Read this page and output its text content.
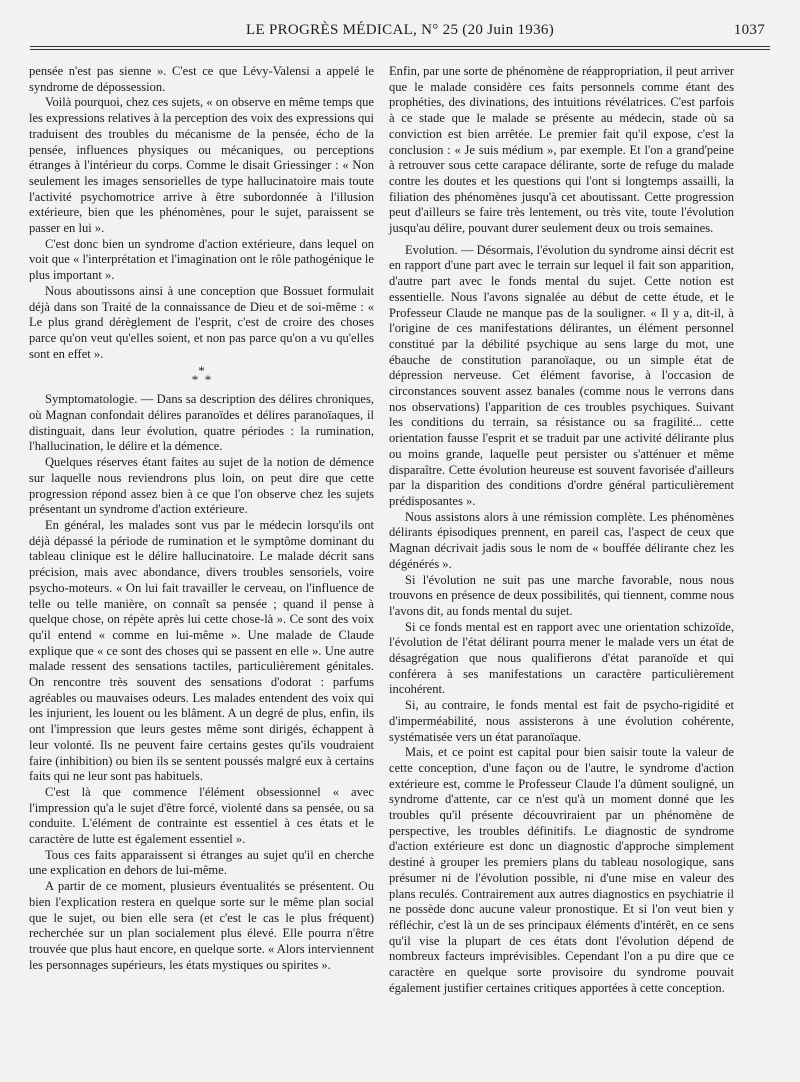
LE PROGRÈS MÉDICAL, N° 25 (20 Juin 1936)	1037

pensée n'est pas sienne ». C'est ce que Lévy-Valensi a appelé le syndrome de dépossession.

Voilà pourquoi, chez ces sujets, « on observe en même temps que les expressions relatives à la perception des voix des expressions qui traduisent des troubles du mécanisme de la pensée, écho de la pensée, influences physiques ou mécaniques, ou perceptions étranges à l'intérieur du corps. Comme le disait Griessinger : « Non seulement les images sensorielles de type hallucinatoire mais toute l'activité psychomotrice arrive à être subordonnée à l'illusion extérieure, bien que les phénomènes, pour le sujet, paraissent se passer en lui ».

C'est donc bien un syndrome d'action extérieure, dans lequel on voit que « l'interprétation et l'imagination ont le rôle pathogénique le plus important ».

Nous aboutissons ainsi à une conception que Bossuet formulait déjà dans son Traité de la connaissance de Dieu et de soi-même : « Le plus grand dérèglement de l'esprit, c'est de croire des choses parce qu'on veut qu'elles soient, et non pas parce qu'on a vu qu'elles sont en effet ».

*
* *

Symptomatologie. — Dans sa description des délires chroniques, où Magnan confondait délires paranoïdes et délires paranoïaques, il distinguait, dans leur évolution, quatre périodes : la rumination, l'hallucination, le délire et la démence.

Quelques réserves étant faites au sujet de la notion de démence sur laquelle nous reviendrons plus loin, on peut dire que cette progression répond assez bien à ce que l'on observe chez les sujets présentant un syndrome d'action extérieure.

En général, les malades sont vus par le médecin lorsqu'ils ont déjà dépassé la période de rumination et le symptôme dominant du tableau clinique est le délire hallucinatoire. Le malade décrit sans précision, mais avec abondance, divers troubles sensoriels, voire psycho-moteurs. « On lui fait travailler le cerveau, on l'influence de telle ou telle manière, on connaît sa pensée ; quand il pense à quelque chose, on répète après lui cette chose-là ». Ce sont des voix qu'il entend « comme en lui-même ». Une malade de Claude explique que « ce sont des choses qui se passent en elle ». Une autre malade ressent des sensations tactiles, particulièrement génitales. On rencontre très souvent des sensations d'odorat : parfums agréables ou mauvaises odeurs. Les malades entendent des voix qui les injurient, les louent ou les blâment. A un degré de plus, enfin, ils ont l'impression que leurs gestes même sont dirigés, échappent à leur volonté. Ils ne peuvent faire certains gestes qu'ils voudraient faire (inhibition) ou bien ils se sentent poussés malgré eux à certains faits qui ne leur sont pas habituels.

C'est là que commence l'élément obsessionnel « avec l'impression qu'a le sujet d'être forcé, violenté dans sa pensée, ou sa conduite. L'élément de contrainte est essentiel à ces états et le caractère de lutte est également essentiel ».

Tous ces faits apparaissent si étranges au sujet qu'il en cherche une explication en dehors de lui-même.

A partir de ce moment, plusieurs éventualités se présentent. Ou bien l'explication restera en quelque sorte sur le même plan social que le sujet, ou bien elle sera (et c'est le cas le plus fréquent) recherchée sur un plan socialement plus élevé. Elle pourra n'être trouvée que plus haut encore, en quelque sorte. « Alors interviennent les personnages supérieurs, les états mystiques ou spirites ».

Enfin, par une sorte de phénomène de réappropriation, il peut arriver que le malade considère ces faits personnels comme étant des prophéties, des divinations, des intuitions révélatrices. C'est parfois à ce stade que le malade se présente au médecin, stade où sa conviction est bien arrêtée. Le premier fait qu'il expose, c'est la conclusion : « Je suis médium », par exemple. Et l'on a grand'peine à retrouver sous cette carapace délirante, sorte de refuge du malade contre les doutes et les questions qui l'ont si longtemps assailli, la filiation des phénomènes jusqu'à cet aboutissant. Cette progression peut d'ailleurs se faire très lentement, ou très vite, toute l'évolution jusqu'au délire, pouvant durer seulement deux ou trois semaines.

Evolution. — Désormais, l'évolution du syndrome ainsi décrit est en rapport d'une part avec le terrain sur lequel il fait son apparition, d'autre part avec le fonds mental du sujet. Cette notion est essentielle. Nous l'avons signalée au début de cette étude, et le Professeur Claude ne manque pas de la souligner. « Il y a, dit-il, à l'origine de ces manifestations délirantes, un élément personnel constitué par la débilité psychique au sens large du mot, une ébauche de constitution paranoïaque, ou un simple état de dépression nerveuse. Cet élément favorise, à l'occasion de circonstances souvent assez banales (comme nous le verrons dans nos observations) l'apparition de ces troubles psychiques. Suivant les conditions du terrain, sa résistance ou sa fragilité... cette orientation fausse l'esprit et se traduit par une activité délirante plus ou moins grande, laquelle peut persister ou s'atténuer et même disparaître. Cette évolution heureuse est souvent favorisée d'ailleurs par la disparition des conditions d'ordre général particulièrement prédisposantes ».

Nous assistons alors à une rémission complète. Les phénomènes délirants épisodiques prennent, en pareil cas, l'aspect de ceux que Magnan décrivait jadis sous le nom de « bouffée délirante chez les dégénérés ».

Si l'évolution ne suit pas une marche favorable, nous nous trouvons en présence de deux possibilités, qui tiennent, comme nous l'avons dit, au fonds mental du sujet.

Si ce fonds mental est en rapport avec une orientation schizoïde, l'évolution de l'état délirant pourra mener le malade vers un état de désagrégation que nous qualifierons d'état paranoïde et qui conférera à ses manifestations un caractère particulièrement incohérent.

Si, au contraire, le fonds mental est fait de psycho-rigidité et d'imperméabilité, nous assisterons à une évolution cohérente, systématisée vers un état paranoïaque.

Mais, et ce point est capital pour bien saisir toute la valeur de cette conception, d'une façon ou de l'autre, le syndrome d'action extérieure est, comme le Professeur Claude l'a dûment souligné, un syndrome d'attente, car ce n'est qu'à un moment donné que les troubles qu'il présente découvriraient par un phénomène de perspective, les troubles définitifs. Le diagnostic de syndrome d'action extérieure est donc un diagnostic d'approche simplement destiné à grouper les premiers plans du tableau nosologique, sans présumer ni de l'évolution possible, ni d'une mise en valeur des plans reculés. Contrairement aux autres diagnostics en psychiatrie il ne possède donc aucune valeur pronostique. Et si l'on veut bien y réfléchir, c'est là un de ses principaux éléments d'intérêt, en ce sens qu'il vise la plupart de ces états dont l'évolution dépend de nombreux facteurs imprévisibles. Cependant l'on a pu dire que ce caractère en quelque sorte provisoire du syndrome pouvait également justifier certaines critiques apportées à cette conception.
